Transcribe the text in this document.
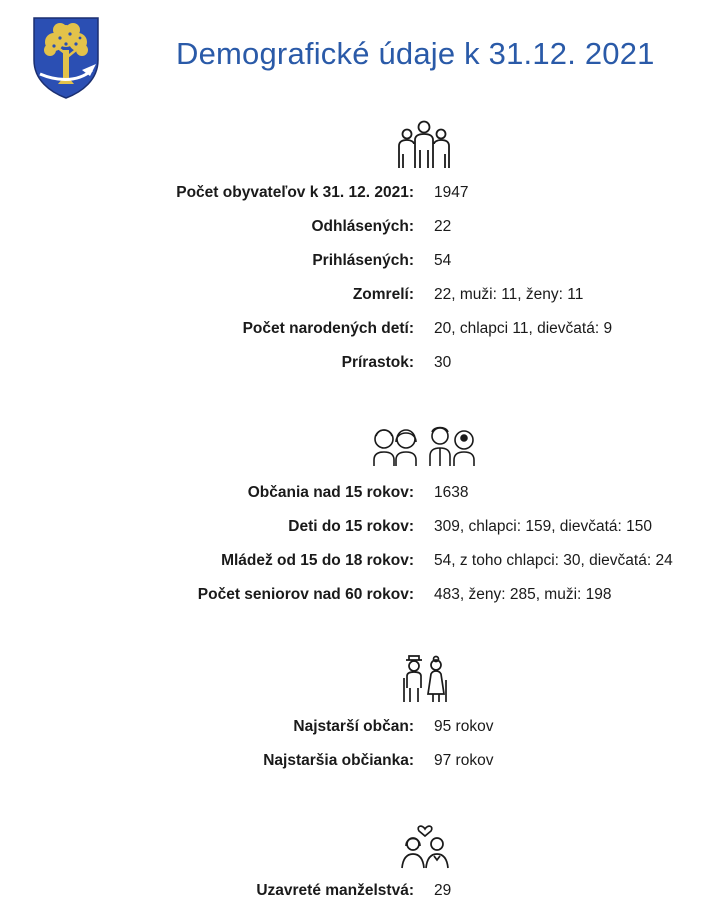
Demografické údaje k 31.12. 2021
Počet obyvateľov k 31. 12. 2021: 1947
Odhlásených: 22
Prihlásených: 54
Zomrelí: 22, muži: 11, ženy: 11
Počet narodených detí: 20, chlapci 11, dievčatá: 9
Prírastok: 30
Občania nad 15 rokov: 1638
Deti do 15 rokov: 309, chlapci: 159, dievčatá: 150
Mládež od 15 do 18 rokov: 54, z toho chlapci: 30, dievčatá: 24
Počet seniorov nad 60 rokov: 483, ženy: 285, muži: 198
Najstarší občan: 95 rokov
Najstaršia občianka: 97 rokov
Uzavreté manželstvá: 29
